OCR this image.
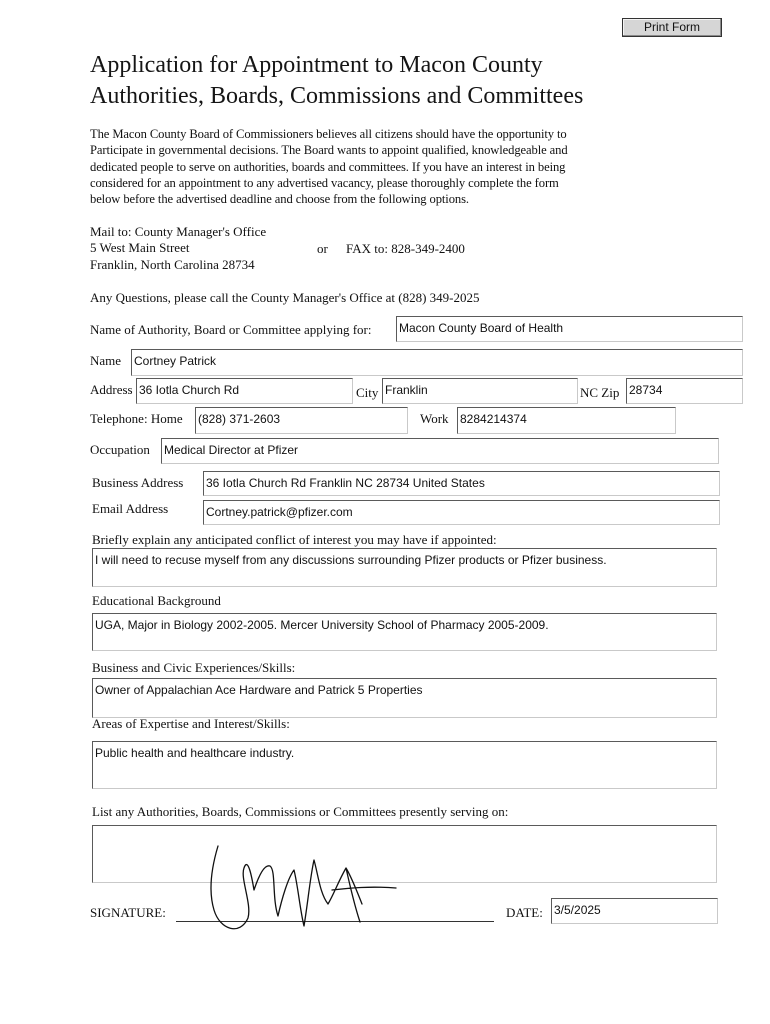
Print Form
Application for Appointment to Macon County
Authorities, Boards, Commissions and Committees
The Macon County Board of Commissioners believes all citizens should have the opportunity to
Participate in governmental decisions. The Board wants to appoint qualified, knowledgeable and
dedicated people to serve on authorities, boards and committees. If you have an interest in being
considered for an appointment to any advertised vacancy, please thoroughly complete the form
below before the advertised deadline and choose from the following options.
Mail to: County Manager's Office
5 West Main Street
Franklin, North Carolina 28734
or FAX to: 828-349-2400
Any Questions, please call the County Manager's Office at (828) 349-2025
Name of Authority, Board or Committee applying for: Macon County Board of Health
Name Cortney Patrick
Address 36 Iotla Church Rd	City Franklin	NC Zip 28734
Telephone: Home (828) 371-2603	Work 8284214374
Occupation Medical Director at Pfizer
Business Address 36 Iotla Church Rd Franklin NC 28734 United States
Email Address	Cortney.patrick@pfizer.com
Briefly explain any anticipated conflict of interest you may have if appointed:
I will need to recuse myself from any discussions surrounding Pfizer products or Pfizer business.
Educational Background
UGA, Major in Biology 2002-2005. Mercer University School of Pharmacy 2005-2009.
Business and Civic Experiences/Skills:
Owner of Appalachian Ace Hardware and Patrick 5 Properties
Areas of Expertise and Interest/Skills:
Public health and healthcare industry.
List any Authorities, Boards, Commissions or Committees presently serving on:
SIGNATURE:	DATE: 3/5/2025
